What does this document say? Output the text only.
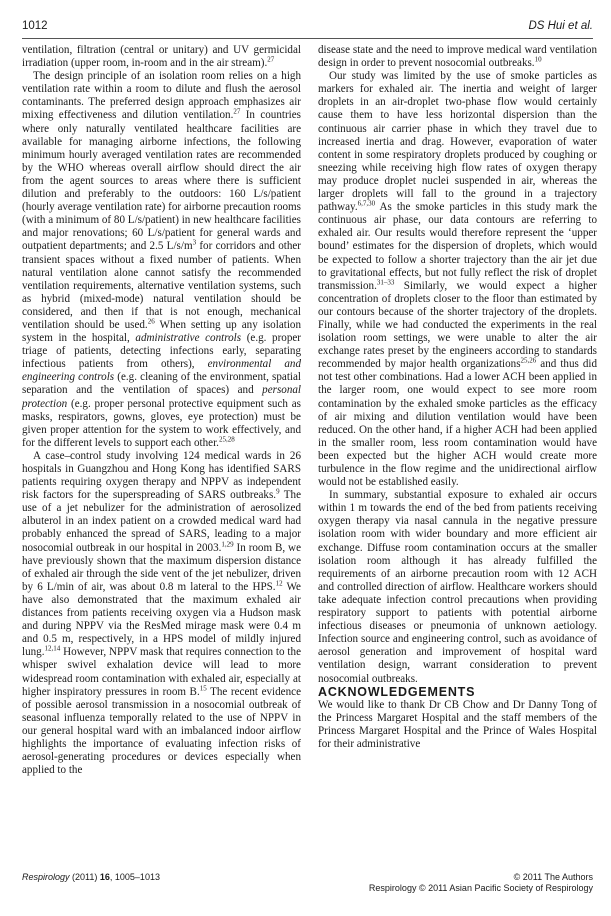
1012	DS Hui et al.

ventilation, filtration (central or unitary) and UV germicidal irradiation (upper room, in-room and in the air stream).$^{27}$

The design principle of an isolation room relies on a high ventilation rate within a room to dilute and flush the aerosol contaminants. The preferred design approach emphasizes air mixing effectiveness and dilution ventilation.$^{27}$ In countries where only naturally ventilated healthcare facilities are available for managing airborne infections, the following minimum hourly averaged ventilation rates are recommended by the WHO whereas overall airflow should direct the air from the agent sources to areas where there is sufficient dilution and preferably to the outdoors: 160 L/s/patient (hourly average ventilation rate) for airborne precaution rooms (with a minimum of 80 L/s/patient) in new healthcare facilities and major renovations; 60 L/s/patient for general wards and outpatient departments; and 2.5 $L/s/m^3$ for corridors and other transient spaces without a fixed number of patients. When natural ventilation alone cannot satisfy the recommended ventilation requirements, alternative ventilation systems, such as hybrid (mixed-mode) natural ventilation should be considered, and then if that is not enough, mechanical ventilation should be used.$^{26}$ When setting up any isolation system in the hospital, administrative controls (e.g. proper triage of patients, detecting infections early, separating infectious patients from others), environmental and engineering controls (e.g. cleaning of the environment, spatial separation and the ventilation of spaces) and personal protection (e.g. proper personal protective equipment such as masks, respirators, gowns, gloves, eye protection) must be given proper attention for the system to work effectively, and for the different levels to support each other.$^{25,28}$

A case–control study involving 124 medical wards in 26 hospitals in Guangzhou and Hong Kong has identified SARS patients requiring oxygen therapy and NPPV as independent risk factors for the superspreading of SARS outbreaks.$^9$ The use of a jet nebulizer for the administration of aerosolized albuterol in an index patient on a crowded medical ward had probably enhanced the spread of SARS, leading to a major nosocomial outbreak in our hospital in 2003.$^{1,29}$ In room B, we have previously shown that the maximum dispersion distance of exhaled air through the side vent of the jet nebulizer, driven by 6 L/min of air, was about 0.8 m lateral to the HPS.$^{12}$ We have also demonstrated that the maximum exhaled air distances from patients receiving oxygen via a Hudson mask and during NPPV via the ResMed mirage mask were 0.4 m and 0.5 m, respectively, in a HPS model of mildly injured lung.$^{12,14}$ However, NPPV mask that requires connection to the whisper swivel exhalation device will lead to more widespread room contamination with exhaled air, especially at higher inspiratory pressures in room B.$^{15}$ The recent evidence of possible aerosol transmission in a nosocomial outbreak of seasonal influenza temporally related to the use of NPPV in our general hospital ward with an imbalanced indoor airflow highlights the importance of evaluating infection risks of aerosol-generating procedures or devices especially when applied to the

disease state and the need to improve medical ward ventilation design in order to prevent nosocomial outbreaks.$^{10}$

Our study was limited by the use of smoke particles as markers for exhaled air. The inertia and weight of larger droplets in an air-droplet two-phase flow would certainly cause them to have less horizontal dispersion than the continuous air carrier phase in which they travel due to increased inertia and drag. However, evaporation of water content in some respiratory droplets produced by coughing or sneezing while receiving high flow rates of oxygen therapy may produce droplet nuclei suspended in air, whereas the larger droplets will fall to the ground in a trajectory pathway.$^{6,7,30}$ As the smoke particles in this study mark the continuous air phase, our data contours are referring to exhaled air. Our results would therefore represent the ‘upper bound’ estimates for the dispersion of droplets, which would be expected to follow a shorter trajectory than the air jet due to gravitational effects, but not fully reflect the risk of droplet transmission.$^{31-33}$ Similarly, we would expect a higher concentration of droplets closer to the floor than estimated by our contours because of the shorter trajectory of the droplets. Finally, while we had conducted the experiments in the real isolation room settings, we were unable to alter the air exchange rates preset by the engineers according to standards recommended by major health organizations$^{25,26}$ and thus did not test other combinations. Had a lower ACH been applied in the larger room, one would expect to see more room contamination by the exhaled smoke particles as the efficacy of air mixing and dilution ventilation would have been reduced. On the other hand, if a higher ACH had been applied in the smaller room, less room contamination would have been expected but the higher ACH would create more turbulence in the flow regime and the unidirectional airflow would not be established easily.

In summary, substantial exposure to exhaled air occurs within 1 m towards the end of the bed from patients receiving oxygen therapy via nasal cannula in the negative pressure isolation room with wider boundary and more efficient air exchange. Diffuse room contamination occurs at the smaller isolation room although it has already fulfilled the requirements of an airborne precaution room with 12 ACH and controlled direction of airflow. Healthcare workers should take adequate infection control precautions when providing respiratory support to patients with potential airborne infectious diseases or pneumonia of unknown aetiology. Infection source and engineering control, such as avoidance of aerosol generation and improvement of hospital ward ventilation design, warrant consideration to prevent nosocomial outbreaks.

ACKNOWLEDGEMENTS

We would like to thank Dr CB Chow and Dr Danny Tong of the Princess Margaret Hospital and the staff members of the Princess Margaret Hospital and the Prince of Wales Hospital for their administrative

Respirology (2011) 16, 1005–1013	© 2011 The Authors
Respirology © 2011 Asian Pacific Society of Respirology
